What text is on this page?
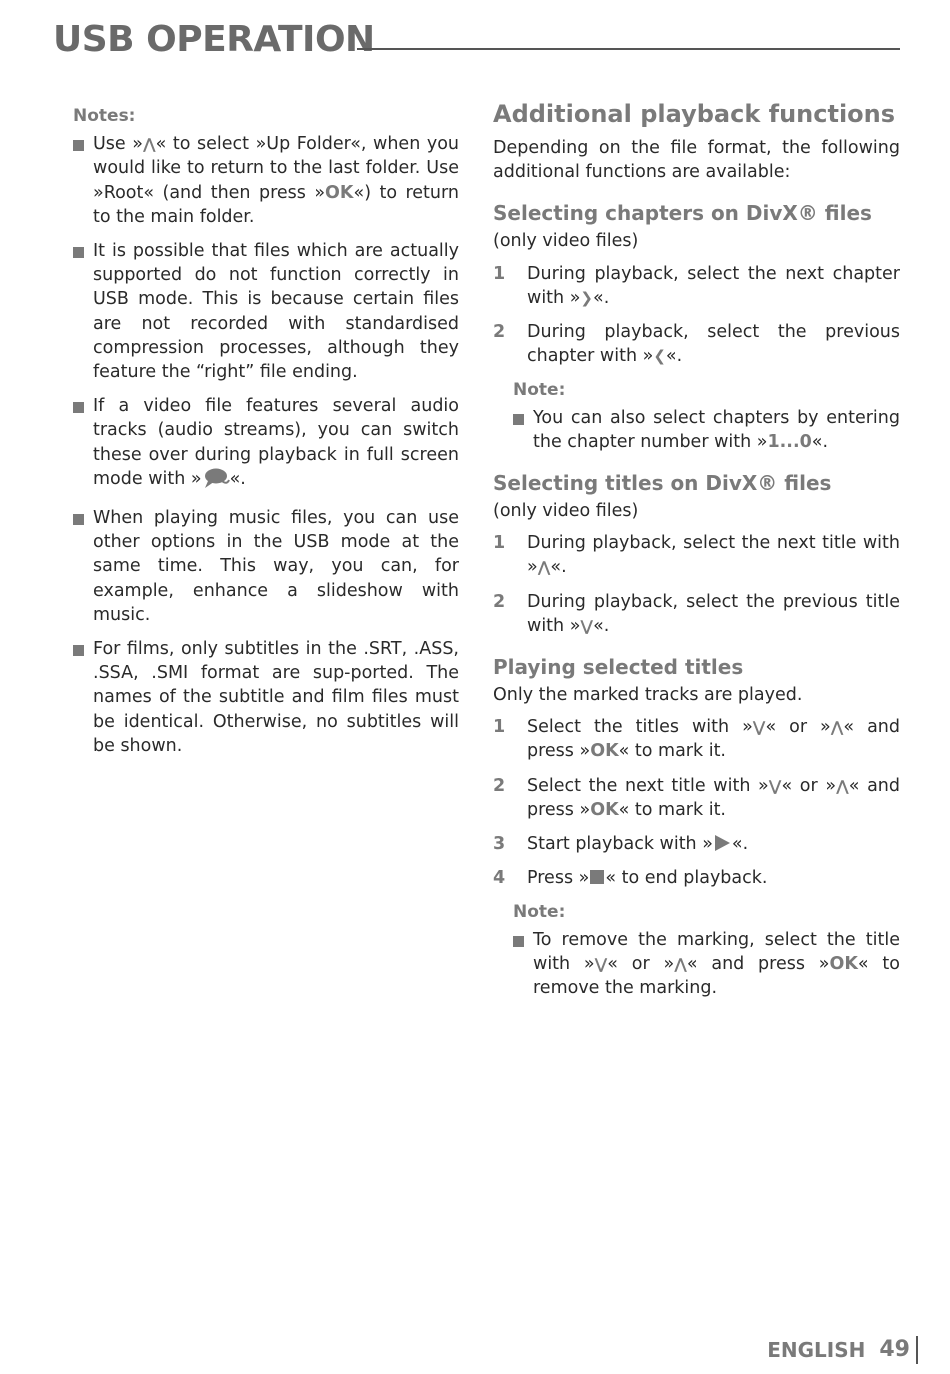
USB OPERATION
Notes:
Use »⋀« to select »Up Folder«, when you would like to return to the last folder. Use »Root« (and then press »OK«) to return to the main folder.
It is possible that files which are actually supported do not function correctly in USB mode. This is because certain files are not recorded with standardised compression processes, although they feature the “right” file ending.
If a video file features several audio tracks (audio streams), you can switch these over during playback in full screen mode with » «.
When playing music files, you can use other options in the USB mode at the same time. This way, you can, for example, enhance a slideshow with music.
For films, only subtitles in the .SRT, .ASS, .SSA, .SMI format are sup-ported. The names of the subtitle and film files must be identical. Otherwise, no subtitles will be shown.
Additional playback functions
Depending on the file format, the following additional functions are available:
Selecting chapters on DivX® files
(only video files)
1 During playback, select the next chapter with »❯«.
2 During playback, select the previous chapter with »❮«.
Note:
You can also select chapters by entering the chapter number with »1...0«.
Selecting titles on DivX® files
(only video files)
1 During playback, select the next title with »⋀«.
2 During playback, select the previous title with »⋁«.
Playing selected titles
Only the marked tracks are played.
1 Select the titles with »⋁« or »⋀« and press »OK« to mark it.
2 Select the next title with »⋁« or »⋀« and press »OK« to mark it.
3 Start playback with » «.
4 Press » « to end playback.
Note:
To remove the marking, select the title with »⋁« or »⋀« and press »OK« to remove the marking.
ENGLISH 49
